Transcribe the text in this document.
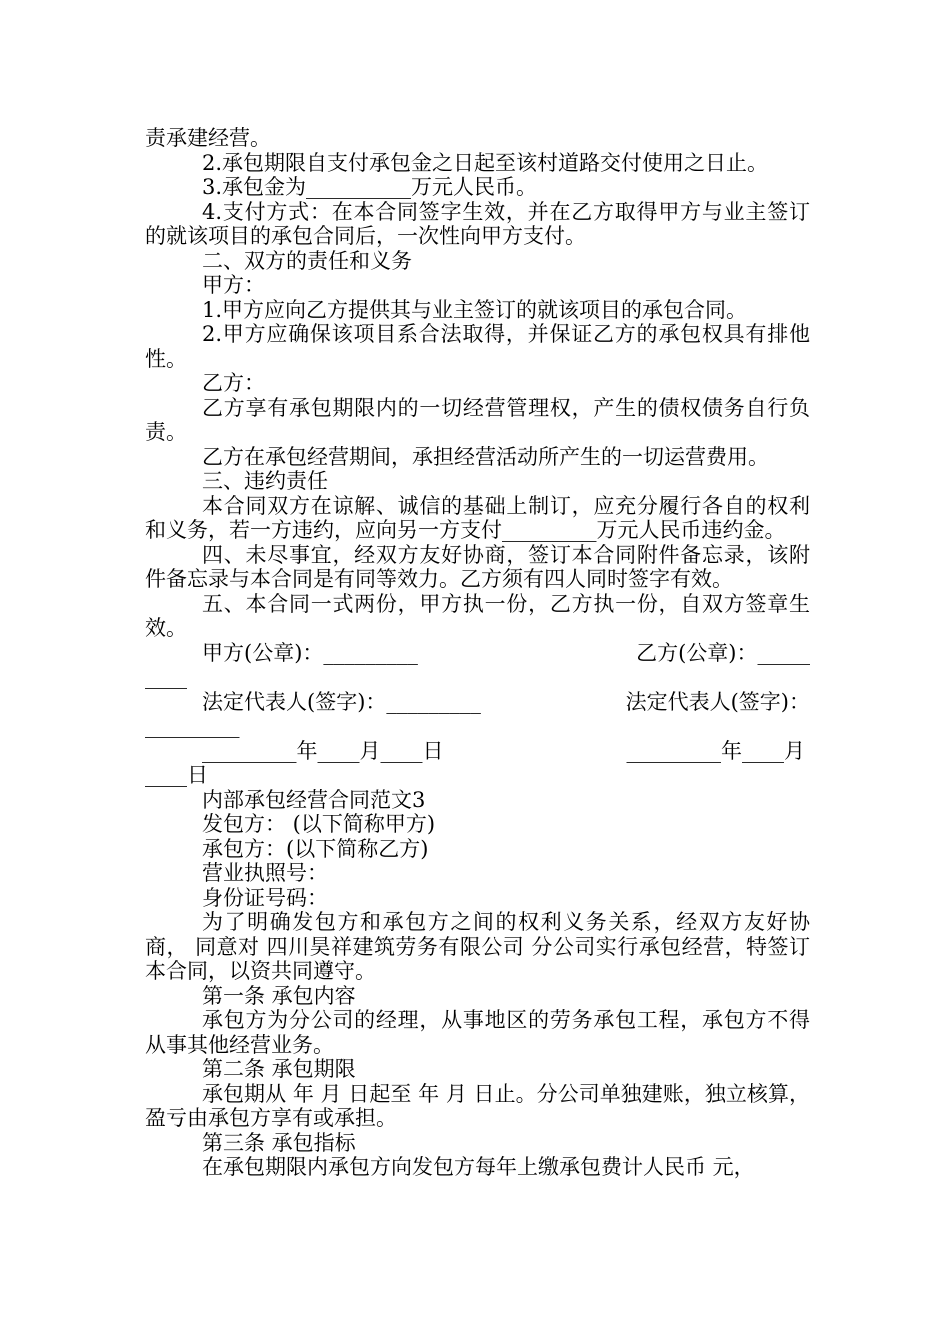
责承建经营。

2.承包期限自支付承包金之日起至该村道路交付使用之日止。

3.承包金为__________万元人民币。

4.支付方式：在本合同签字生效，并在乙方取得甲方与业主签订的就该项目的承包合同后，一次性向甲方支付。

二、双方的责任和义务

甲方：

1.甲方应向乙方提供其与业主签订的就该项目的承包合同。

2.甲方应确保该项目系合法取得，并保证乙方的承包权具有排他性。

乙方：

乙方享有承包期限内的一切经营管理权，产生的债权债务自行负责。

乙方在承包经营期间，承担经营活动所产生的一切运营费用。

三、违约责任

本合同双方在谅解、诚信的基础上制订，应充分履行各自的权利和义务，若一方违约，应向另一方支付_________万元人民币违约金。

四、未尽事宜，经双方友好协商，签订本合同附件备忘录，该附件备忘录与本合同是有同等效力。乙方须有四人同时签字有效。

五、本合同一式两份，甲方执一份，乙方执一份，自双方签章生效。

甲方(公章)：_________	乙方(公章)：_____
____
法定代表人(签字)：_________	法定代表人(签字)：
_________
_________年____月____日	_________年____月
____日

内部承包经营合同范文3

发包方： (以下简称甲方)

承包方：(以下简称乙方)

营业执照号：

身份证号码：

为了明确发包方和承包方之间的权利义务关系，经双方友好协商， 同意对 四川昊祥建筑劳务有限公司 分公司实行承包经营，特签订本合同，以资共同遵守。

第一条 承包内容

承包方为分公司的经理，从事地区的劳务承包工程，承包方不得从事其他经营业务。

第二条 承包期限

承包期从 年 月 日起至 年 月 日止。分公司单独建账，独立核算，盈亏由承包方享有或承担。

第三条 承包指标

在承包期限内承包方向发包方每年上缴承包费计人民币 元，
